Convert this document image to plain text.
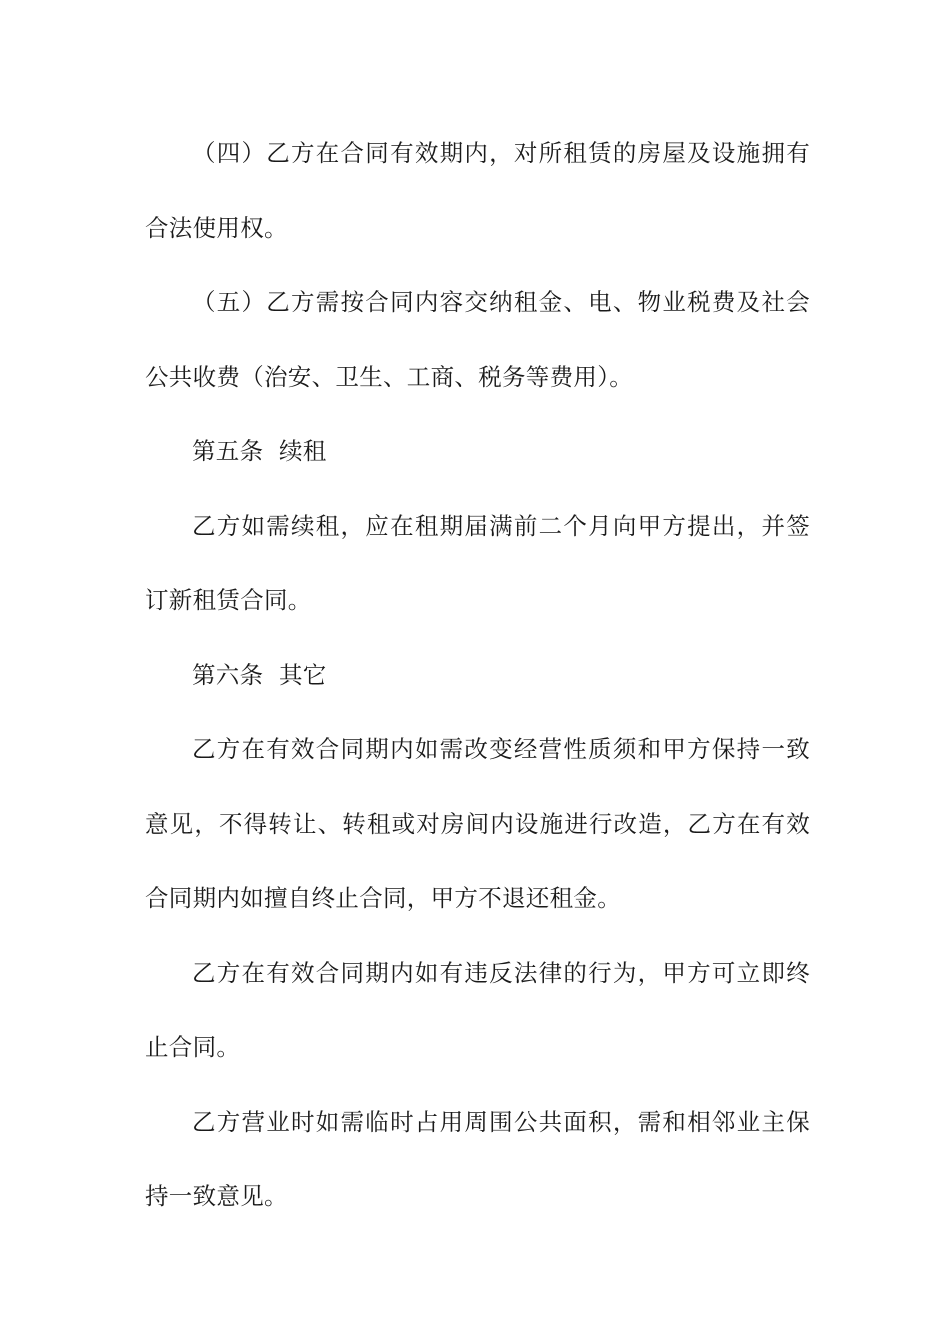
（四）乙方在合同有效期内，对所租赁的房屋及设施拥有合法使用权。

（五）乙方需按合同内容交纳租金、电、物业税费及社会公共收费（治安、卫生、工商、税务等费用）。

第五条  续租

乙方如需续租，应在租期届满前二个月向甲方提出，并签订新租赁合同。

第六条  其它

乙方在有效合同期内如需改变经营性质须和甲方保持一致意见，不得转让、转租或对房间内设施进行改造，乙方在有效合同期内如擅自终止合同，甲方不退还租金。

乙方在有效合同期内如有违反法律的行为，甲方可立即终止合同。

乙方营业时如需临时占用周围公共面积，需和相邻业主保持一致意见。
